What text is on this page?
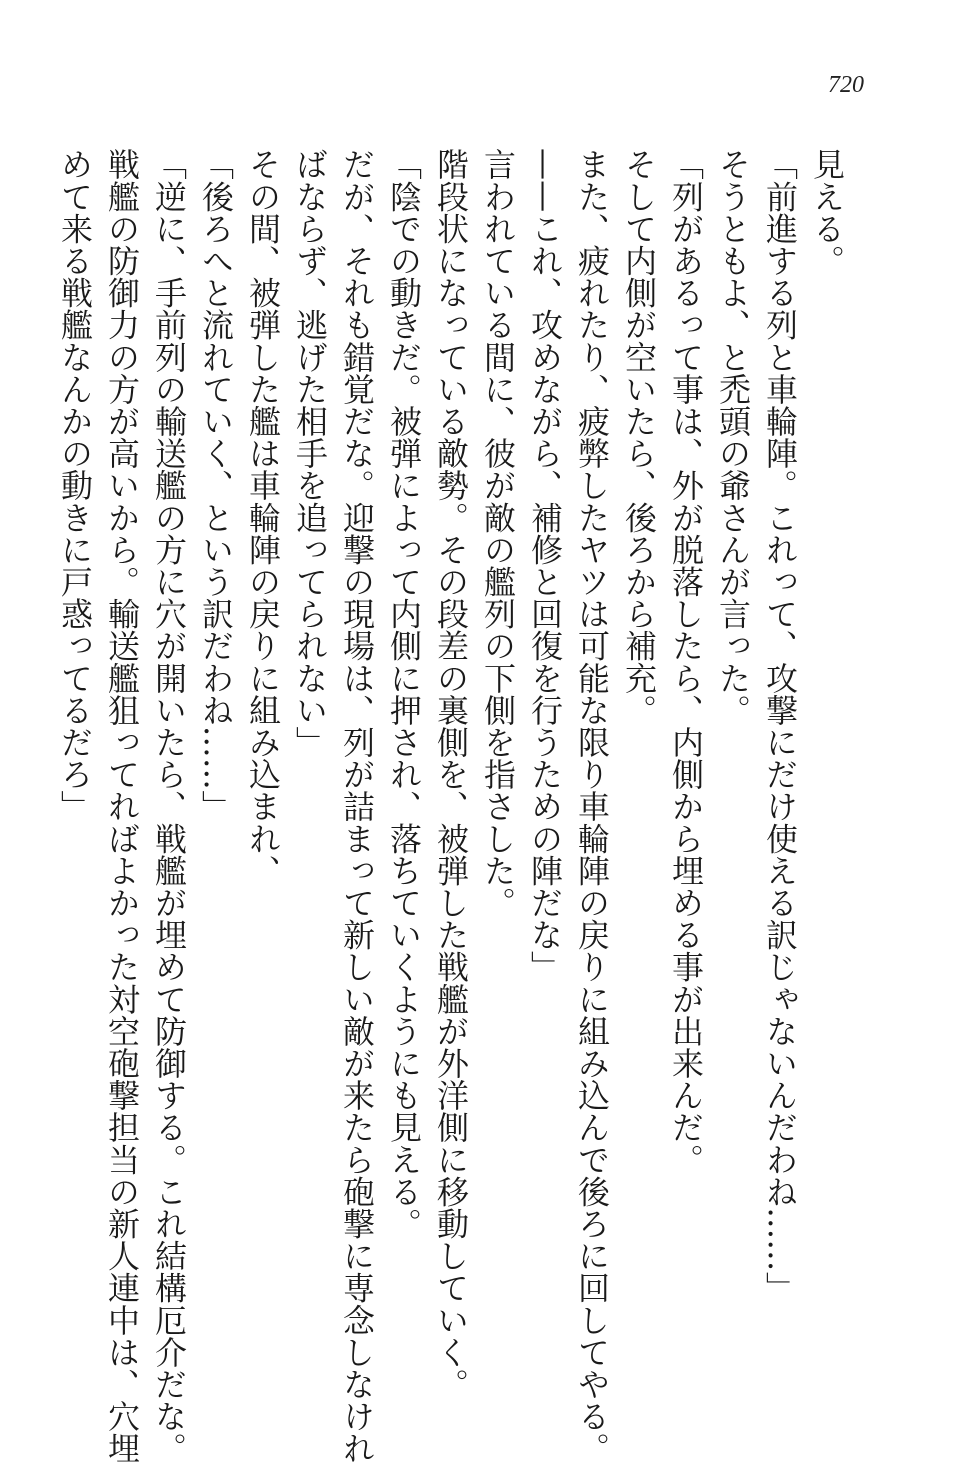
720

見える。

「前進する列と車輪陣。これって、攻撃にだけ使える訳じゃないんだわね……」

そうともよ、と禿頭の爺さんが言った。

「列があるって事は、外が脱落したら、内側から埋める事が出来んだ。

そして内側が空いたら、後ろから補充。

また、疲れたり、疲弊したヤツは可能な限り車輪陣の戻りに組み込んで後ろに回してやる。

——これ、攻めながら、補修と回復を行うための陣だな」

言われている間に、彼が敵の艦列の下側を指さした。

階段状になっている敵勢。その段差の裏側を、被弾した戦艦が外洋側に移動していく。

「陰での動きだ。被弾によって内側に押され、落ちていくようにも見える。

だが、それも錯覚だな。迎撃の現場は、列が詰まって新しい敵が来たら砲撃に専念しなけれ

ばならず、逃げた相手を追ってられない」

その間、被弾した艦は車輪陣の戻りに組み込まれ、

「後ろへと流れていく、という訳だわね……」

「逆に、手前列の輸送艦の方に穴が開いたら、戦艦が埋めて防御する。これ結構厄介だな。

戦艦の防御力の方が高いから。輸送艦狙ってればよかった対空砲撃担当の新人連中は、穴埋

めて来る戦艦なんかの動きに戸惑ってるだろ」
